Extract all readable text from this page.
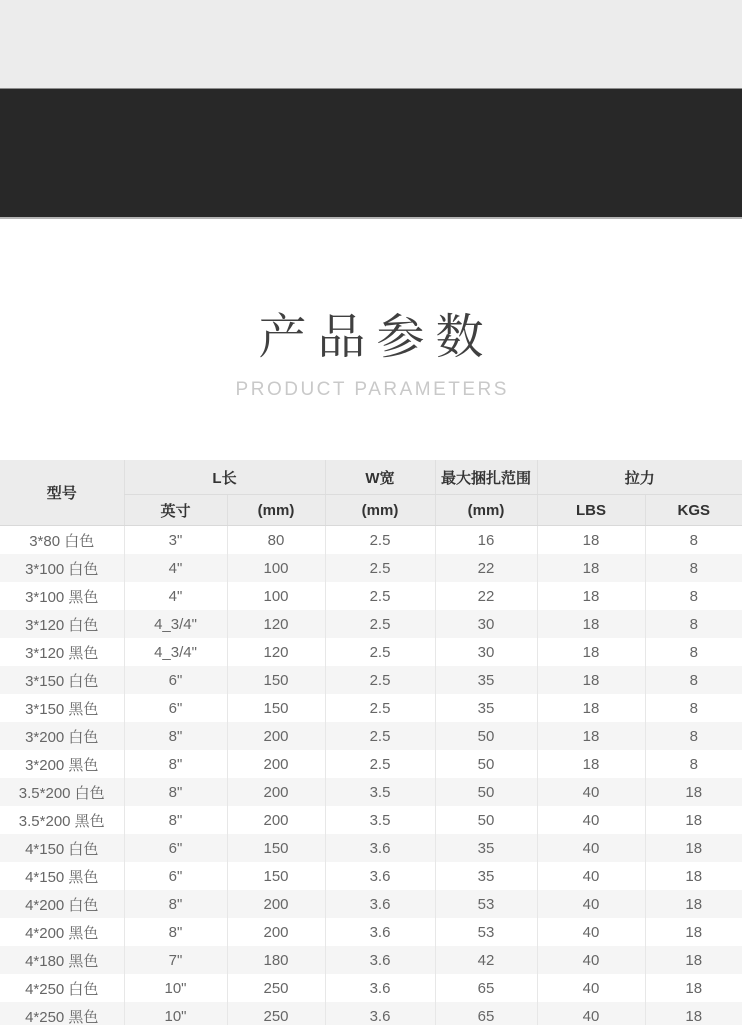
产品参数
PRODUCT PARAMETERS
型号	L长		W宽	最大捆扎范围	拉力	
	英寸	(mm)	(mm)	(mm)	LBS	KGS
3*80 白色	3"	80	2.5	16	18	8
3*100 白色	4"	100	2.5	22	18	8
3*100 黑色	4"	100	2.5	22	18	8
3*120 白色	4_3/4"	120	2.5	30	18	8
3*120 黑色	4_3/4"	120	2.5	30	18	8
3*150 白色	6"	150	2.5	35	18	8
3*150 黑色	6"	150	2.5	35	18	8
3*200 白色	8"	200	2.5	50	18	8
3*200 黑色	8"	200	2.5	50	18	8
3.5*200 白色	8"	200	3.5	50	40	18
3.5*200 黑色	8"	200	3.5	50	40	18
4*150 白色	6"	150	3.6	35	40	18
4*150 黑色	6"	150	3.6	35	40	18
4*200 白色	8"	200	3.6	53	40	18
4*200 黑色	8"	200	3.6	53	40	18
4*180 黑色	7"	180	3.6	42	40	18
4*250 白色	10"	250	3.6	65	40	18
4*250 黑色	10"	250	3.6	65	40	18
